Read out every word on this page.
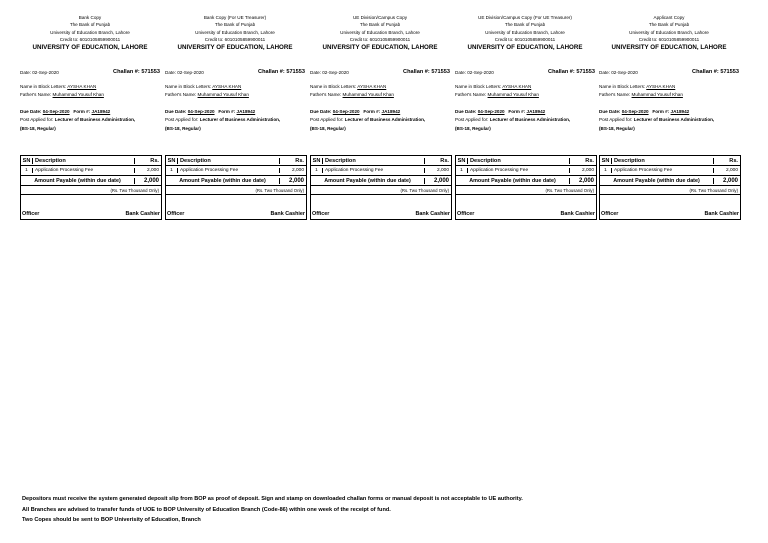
Bank Copy
The Bank of Punjab
University of Education Branch, Lahore
Credit to: 6010105859900011
UNIVERSITY OF EDUCATION, LAHORE
Date: 02-Sep-2020	Challan #: 571553
Name in Block Letters: AYSHA KHAN
Father's Name: Muhammad Yousuf Khan
Due Date: 04-Sep-2020 Form #: JA18942
Post Applied for: Lecturer of Business Administration,
(BS-18, Regular)
SN Description	Rs.
1	Application Processing Fee	2,000
Amount Payable (within due date)	2,000
(Rs. Two Thousand Only)
Officer	Bank Cashier
Bank Copy (For UE Treasurer)
The Bank of Punjab
University of Education Branch, Lahore
Credit to: 6010105859900011
UNIVERSITY OF EDUCATION, LAHORE
Date: 02-Sep-2020	Challan #: 571553
Name in Block Letters: AYSHA KHAN
Father's Name: Muhammad Yousuf Khan
Due Date: 04-Sep-2020 Form #: JA18942
Post Applied for: Lecturer of Business Administration,
(BS-18, Regular)
SN Description	Rs.
1	Application Processing Fee	2,000
Amount Payable (within due date)	2,000
(Rs. Two Thousand Only)
Officer	Bank Cashier
UE Division/Campus Copy
The Bank of Punjab
University of Education Branch, Lahore
Credit to: 6010105859900011
UNIVERSITY OF EDUCATION, LAHORE
Date: 02-Sep-2020	Challan #: 571553
Name in Block Letters: AYSHA KHAN
Father's Name: Muhammad Yousuf Khan
Due Date: 04-Sep-2020 Form #: JA18942
Post Applied for: Lecturer of Business Administration,
(BS-18, Regular)
SN Description	Rs.
1	Application Processing Fee	2,000
Amount Payable (within due date)	2,000
(Rs. Two Thousand Only)
Officer	Bank Cashier
UE Division/Campus Copy (For UE Treasurer)
The Bank of Punjab
University of Education Branch, Lahore
Credit to: 6010105859900011
UNIVERSITY OF EDUCATION, LAHORE
Date: 02-Sep-2020	Challan #: 571553
Name in Block Letters: AYSHA KHAN
Father's Name: Muhammad Yousuf Khan
Due Date: 04-Sep-2020 Form #: JA18942
Post Applied for: Lecturer of Business Administration,
(BS-18, Regular)
SN Description	Rs.
1	Application Processing Fee	2,000
Amount Payable (within due date)	2,000
(Rs. Two Thousand Only)
Officer	Bank Cashier
Applicant Copy
The Bank of Punjab
University of Education Branch, Lahore
Credit to: 6010105859900011
UNIVERSITY OF EDUCATION, LAHORE
Date: 02-Sep-2020	Challan #: 571553
Name in Block Letters: AYSHA KHAN
Father's Name: Muhammad Yousuf Khan
Due Date: 04-Sep-2020 Form #: JA18942
Post Applied for: Lecturer of Business Administration,
(BS-18, Regular)
SN Description	Rs.
1	Application Processing Fee	2,000
Amount Payable (within due date)	2,000
(Rs. Two Thousand Only)
Officer	Bank Cashier
Depositors must receive the system generated deposit slip from BOP as proof of deposit. Sign and stamp on downloaded challan forms or manual deposit is not acceptable to UE authority.
All Branches are advised to transfer funds of UOE to BOP University of Education Branch (Code-86) within one week of the receipt of fund.
Two Copes should be sent to BOP Univerisity of Education, Branch
